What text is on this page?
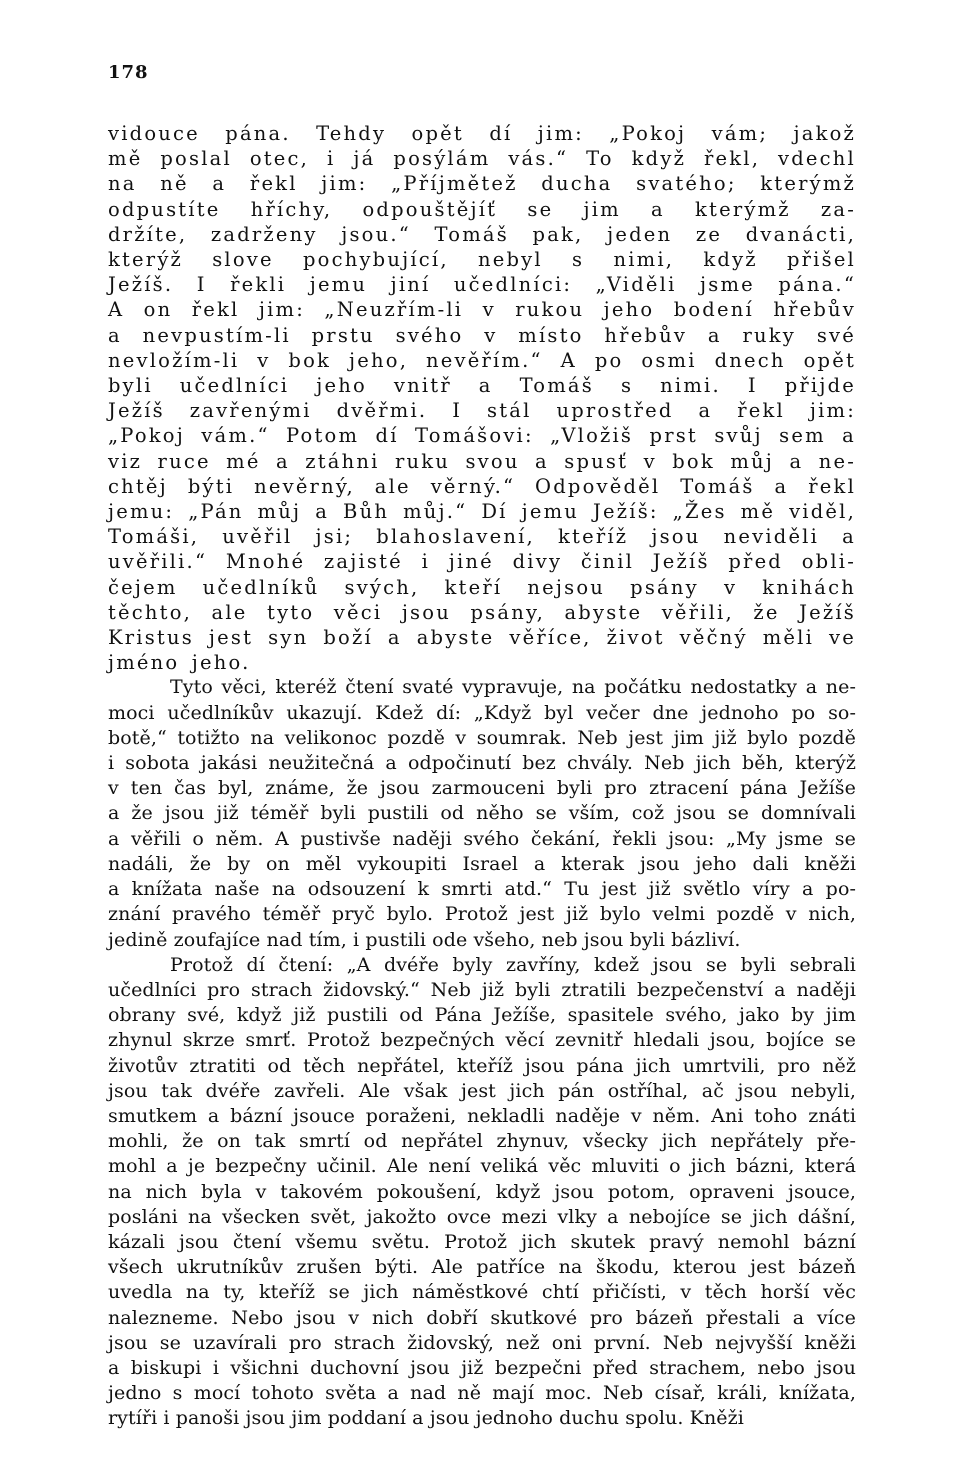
178
vidouce pána. Tehdy opět dí jim: „Pokoj vám; jakož
mě poslal otec, i já posýlám vás.“ To když řekl, vdechl
na ně a řekl jim: „Příjmětež ducha svatého; kterýmž
odpustíte hříchy, odpouštějíť se jim a kterýmž za-
držíte, zadrženy jsou.“ Tomáš pak, jeden ze dvanácti,
kterýž slove pochybující, nebyl s nimi, když přišel
Ježíš. I řekli jemu jiní učedlníci: „Viděli jsme pána.“
A on řekl jim: „Neuzřím-li v rukou jeho bodení hřebův
a nevpustím-li prstu svého v místo hřebův a ruky své
nevložím-li v bok jeho, nevěřím.“ A po osmi dnech opět
byli učedlníci jeho vnitř a Tomáš s nimi. I přijde
Ježíš zavřenými dvěřmi. I stál uprostřed a řekl jim:
„Pokoj vám.“ Potom dí Tomášovi: „Vložiš prst svůj sem a
viz ruce mé a ztáhni ruku svou a spusť v bok můj a ne-
chtěj býti nevěrný, ale věrný.“ Odpověděl Tomáš a řekl
jemu: „Pán můj a Bůh můj.“ Dí jemu Ježíš: „Žes mě viděl,
Tomáši, uvěřil jsi; blahoslavení, kteříž jsou neviděli a
uvěřili.“ Mnohé zajisté i jiné divy činil Ježíš před obli-
čejem učedlníků svých, kteří nejsou psány v knihách
těchto, ale tyto věci jsou psány, abyste věřili, že Ježíš
Kristus jest syn boží a abyste věříce, život věčný měli ve
jméno jeho.
Tyto věci, kteréž čtení svaté vypravuje, na počátku nedostatky a ne-
moci učedlníkův ukazují. Kdež dí: „Když byl večer dne jednoho po so-
botě,“ totižto na velikonoc pozdě v soumrak. Neb jest jim již bylo pozdě
i sobota jakási neužitečná a odpočinutí bez chvály. Neb jich běh, kterýž
v ten čas byl, známe, že jsou zarmouceni byli pro ztracení pána Ježíše
a že jsou již téměř byli pustili od něho se vším, což jsou se domnívali
a věřili o něm. A pustivše naději svého čekání, řekli jsou: „My jsme se
nadáli, že by on měl vykoupiti Israel a kterak jsou jeho dali kněži
a knížata naše na odsouzení k smrti atd.“ Tu jest již světlo víry a po-
znání pravého téměř pryč bylo. Protož jest již bylo velmi pozdě v nich,
jedině zoufajíce nad tím, i pustili ode všeho, neb jsou byli bázliví.
Protož dí čtení: „A dvéře byly zavříny, kdež jsou se byli sebrali
učedlníci pro strach židovský.“ Neb již byli ztratili bezpečenství a naději
obrany své, když již pustili od Pána Ježíše, spasitele svého, jako by jim
zhynul skrze smrť. Protož bezpečných věcí zevnitř hledali jsou, bojíce se
životův ztratiti od těch nepřátel, kteříž jsou pána jich umrtvili, pro něž
jsou tak dvéře zavřeli. Ale však jest jich pán ostříhal, ač jsou nebyli,
smutkem a bázní jsouce poraženi, nekladli naděje v něm. Ani toho znáti
mohli, že on tak smrtí od nepřátel zhynuv, všecky jich nepřátely pře-
mohl a je bezpečny učinil. Ale není veliká věc mluviti o jich bázni, která
na nich byla v takovém pokoušení, když jsou potom, opraveni jsouce,
posláni na všecken svět, jakožto ovce mezi vlky a nebojíce se jich dášní,
kázali jsou čtení všemu světu. Protož jich skutek pravý nemohl bázní
všech ukrutníkův zrušen býti. Ale patříce na škodu, kterou jest bázeň
uvedla na ty, kteříž se jich náměstkové chtí přičísti, v těch horší věc
nalezneme. Nebo jsou v nich dobří skutkové pro bázeň přestali a více
jsou se uzavírali pro strach židovský, než oni první. Neb nejvyšší kněži
a biskupi i všichni duchovní jsou již bezpečni před strachem, nebo jsou
jedno s mocí tohoto světa a nad ně mají moc. Neb císař, králi, knížata,
rytíři i panoši jsou jim poddaní a jsou jednoho duchu spolu. Kněži
